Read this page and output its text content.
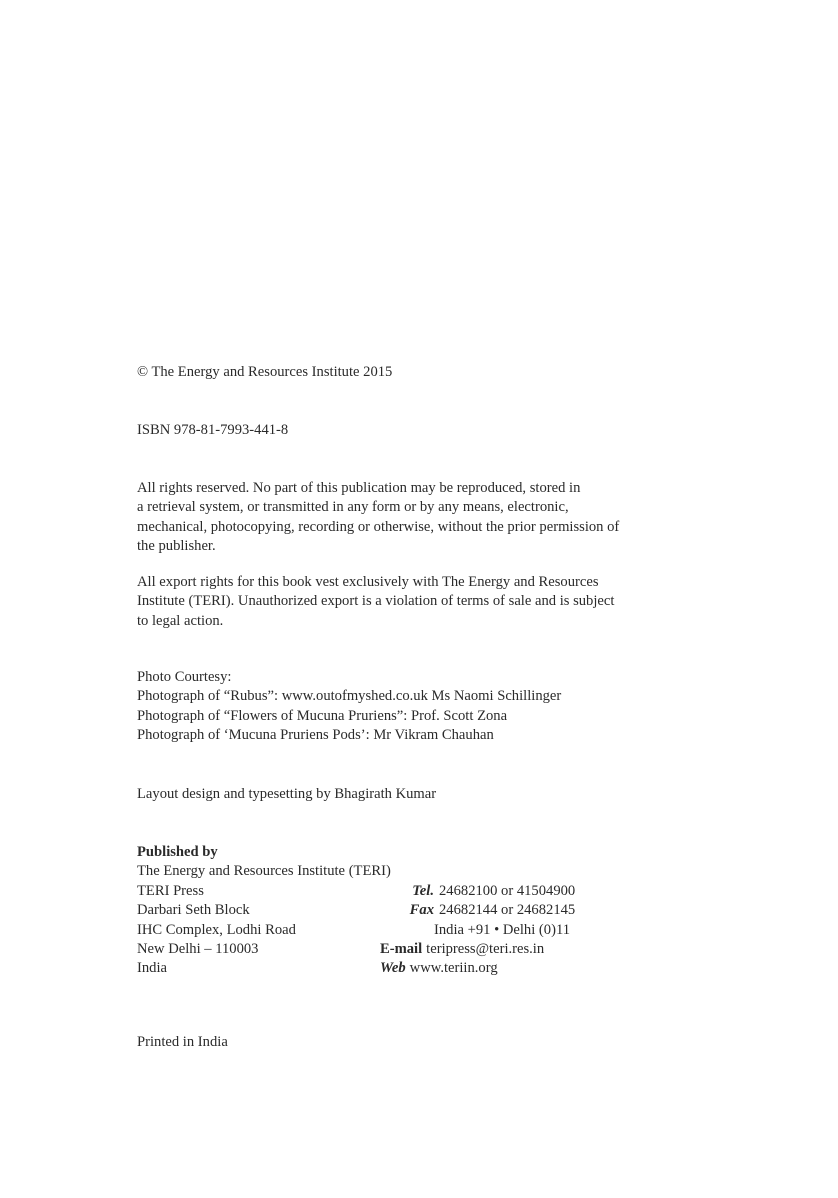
© The Energy and Resources Institute 2015
ISBN 978-81-7993-441-8
All rights reserved. No part of this publication may be reproduced, stored in
a retrieval system, or transmitted in any form or by any means, electronic,
mechanical, photocopying, recording or otherwise, without the prior permission of
the publisher.
All export rights for this book vest exclusively with The Energy and Resources
Institute (TERI). Unauthorized export is a violation of terms of sale and is subject
to legal action.
Photo Courtesy:
Photograph of “Rubus”: www.outofmyshed.co.uk Ms Naomi Schillinger
Photograph of “Flowers of Mucuna Pruriens”: Prof. Scott Zona
Photograph of ‘Mucuna Pruriens Pods’: Mr Vikram Chauhan
Layout design and typesetting by Bhagirath Kumar
Published by
The Energy and Resources Institute (TERI)
TERI Press	Tel. 24682100 or 41504900
Darbari Seth Block	Fax 24682144 or 24682145
IHC Complex, Lodhi Road	India +91 • Delhi (0)11
New Delhi – 110003	E-mail teripress@teri.res.in
India	Web www.teriin.org
Printed in India
